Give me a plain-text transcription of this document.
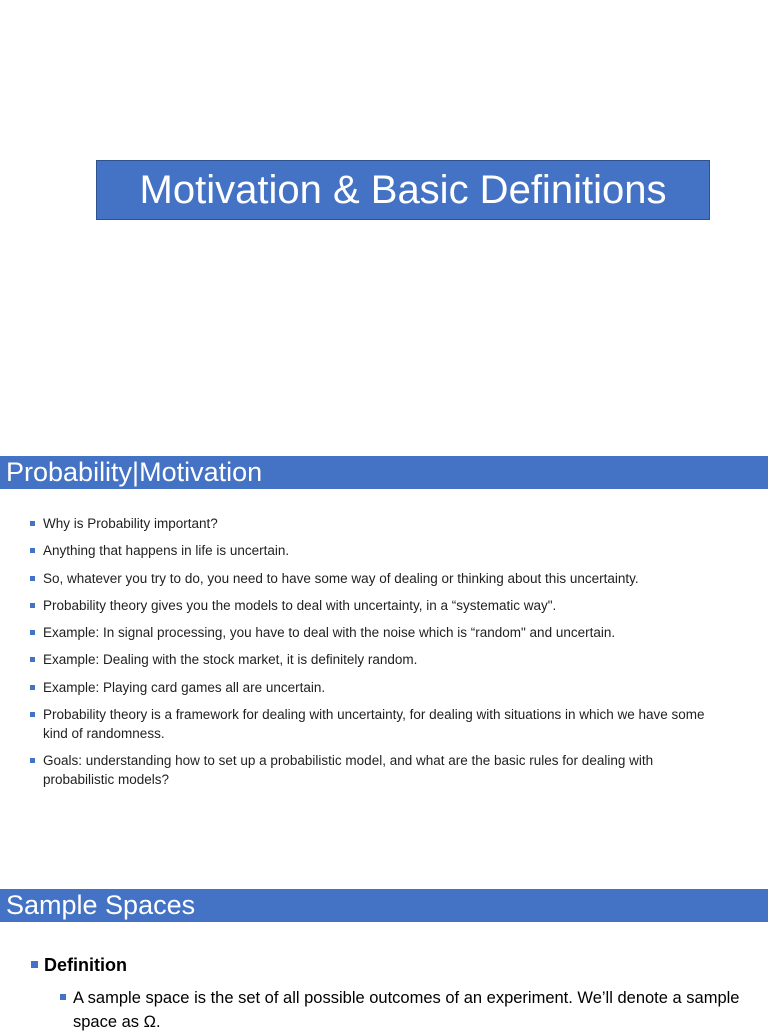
Motivation & Basic Definitions
Probability|Motivation
Why is Probability important?
Anything that happens in life is uncertain.
So, whatever you try to do, you need to have some way of dealing or thinking about this uncertainty.
Probability theory gives you the models to deal with uncertainty, in a “systematic way".
Example: In signal processing, you have to deal with the noise which is “random" and uncertain.
Example: Dealing with the stock market, it is definitely random.
Example: Playing card games all are uncertain.
Probability theory is a framework for dealing with uncertainty, for dealing with situations in which we have some kind of randomness.
Goals: understanding how to set up a probabilistic model, and what are the basic rules for dealing with probabilistic models?
Sample Spaces
Definition
A sample space is the set of all possible outcomes of an experiment. We’ll denote a sample space as Ω.
